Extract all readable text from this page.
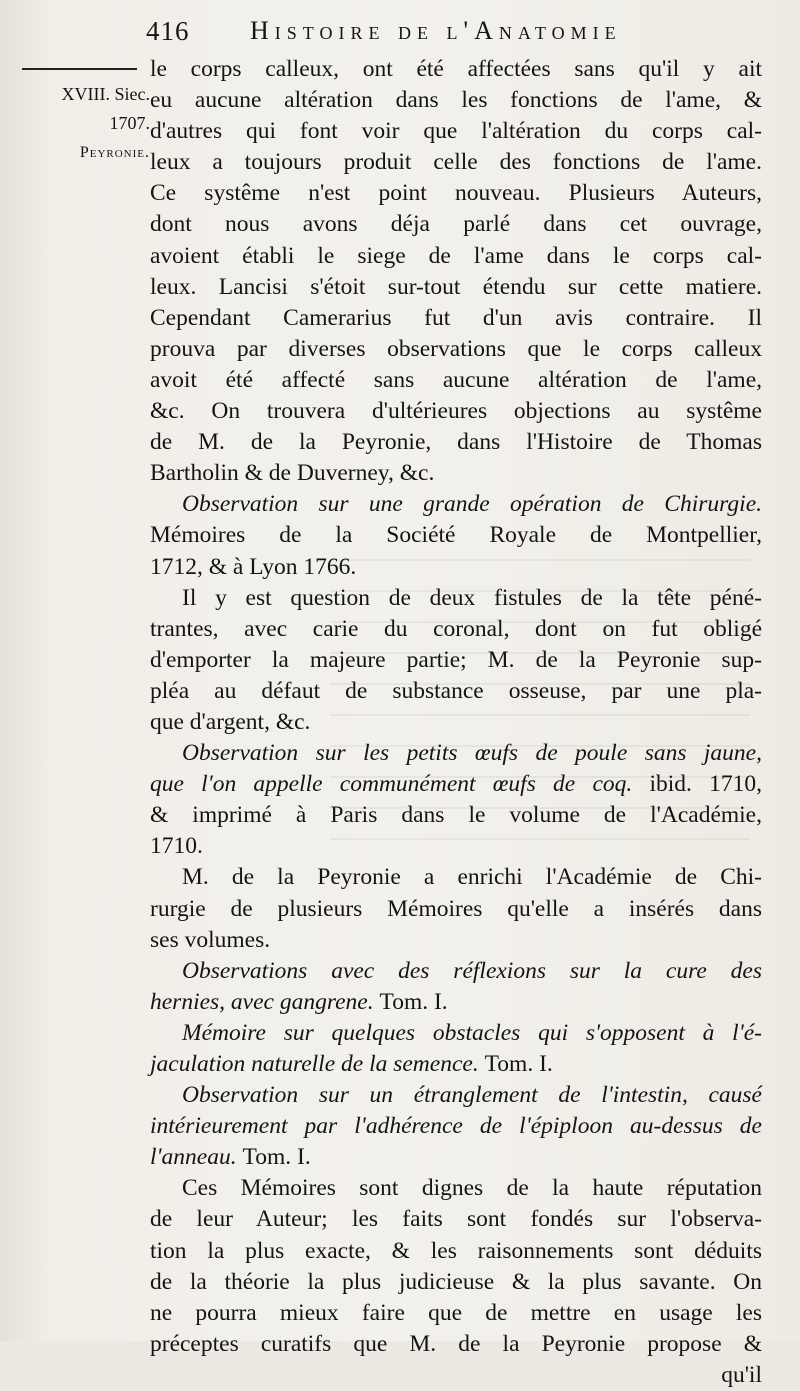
416 Histoire de l'Anatomie
XVIII. Siec.
1707.
Peyronie.
le corps calleux, ont été affectées sans qu'il y ait
eu aucune altération dans les fonctions de l'ame, &
d'autres qui font voir que l'altération du corps cal-
leux a toujours produit celle des fonctions de l'ame.
Ce systême n'est point nouveau. Plusieurs Auteurs,
dont nous avons déja parlé dans cet ouvrage,
avoient établi le siege de l'ame dans le corps cal-
leux. Lancisi s'étoit sur-tout étendu sur cette matiere.
Cependant Camerarius fut d'un avis contraire. Il
prouva par diverses observations que le corps calleux
avoit été affecté sans aucune altération de l'ame,
&c. On trouvera d'ultérieures objections au systême
de M. de la Peyronie, dans l'Histoire de Thomas
Bartholin & de Duverney, &c.
Observation sur une grande opération de Chirurgie.
Mémoires de la Société Royale de Montpellier,
1712, & à Lyon 1766.
Il y est question de deux fistules de la tête péné-
trantes, avec carie du coronal, dont on fut obligé
d'emporter la majeure partie; M. de la Peyronie sup-
pléa au défaut de substance osseuse, par une pla-
que d'argent, &c.
Observation sur les petits œufs de poule sans jaune,
que l'on appelle communément œufs de coq. ibid. 1710,
& imprimé à Paris dans le volume de l'Académie,
1710.
M. de la Peyronie a enrichi l'Académie de Chi-
rurgie de plusieurs Mémoires qu'elle a insérés dans
ses volumes.
Observations avec des réflexions sur la cure des
hernies, avec gangrene. Tom. I.
Mémoire sur quelques obstacles qui s'opposent à l'é-
jaculation naturelle de la semence. Tom. I.
Observation sur un étranglement de l'intestin, causé
intérieurement par l'adhérence de l'épiploon au-dessus de
l'anneau. Tom. I.
Ces Mémoires sont dignes de la haute réputation
de leur Auteur; les faits sont fondés sur l'observa-
tion la plus exacte, & les raisonnements sont déduits
de la théorie la plus judicieuse & la plus savante. On
ne pourra mieux faire que de mettre en usage les
préceptes curatifs que M. de la Peyronie propose &
qu'il
